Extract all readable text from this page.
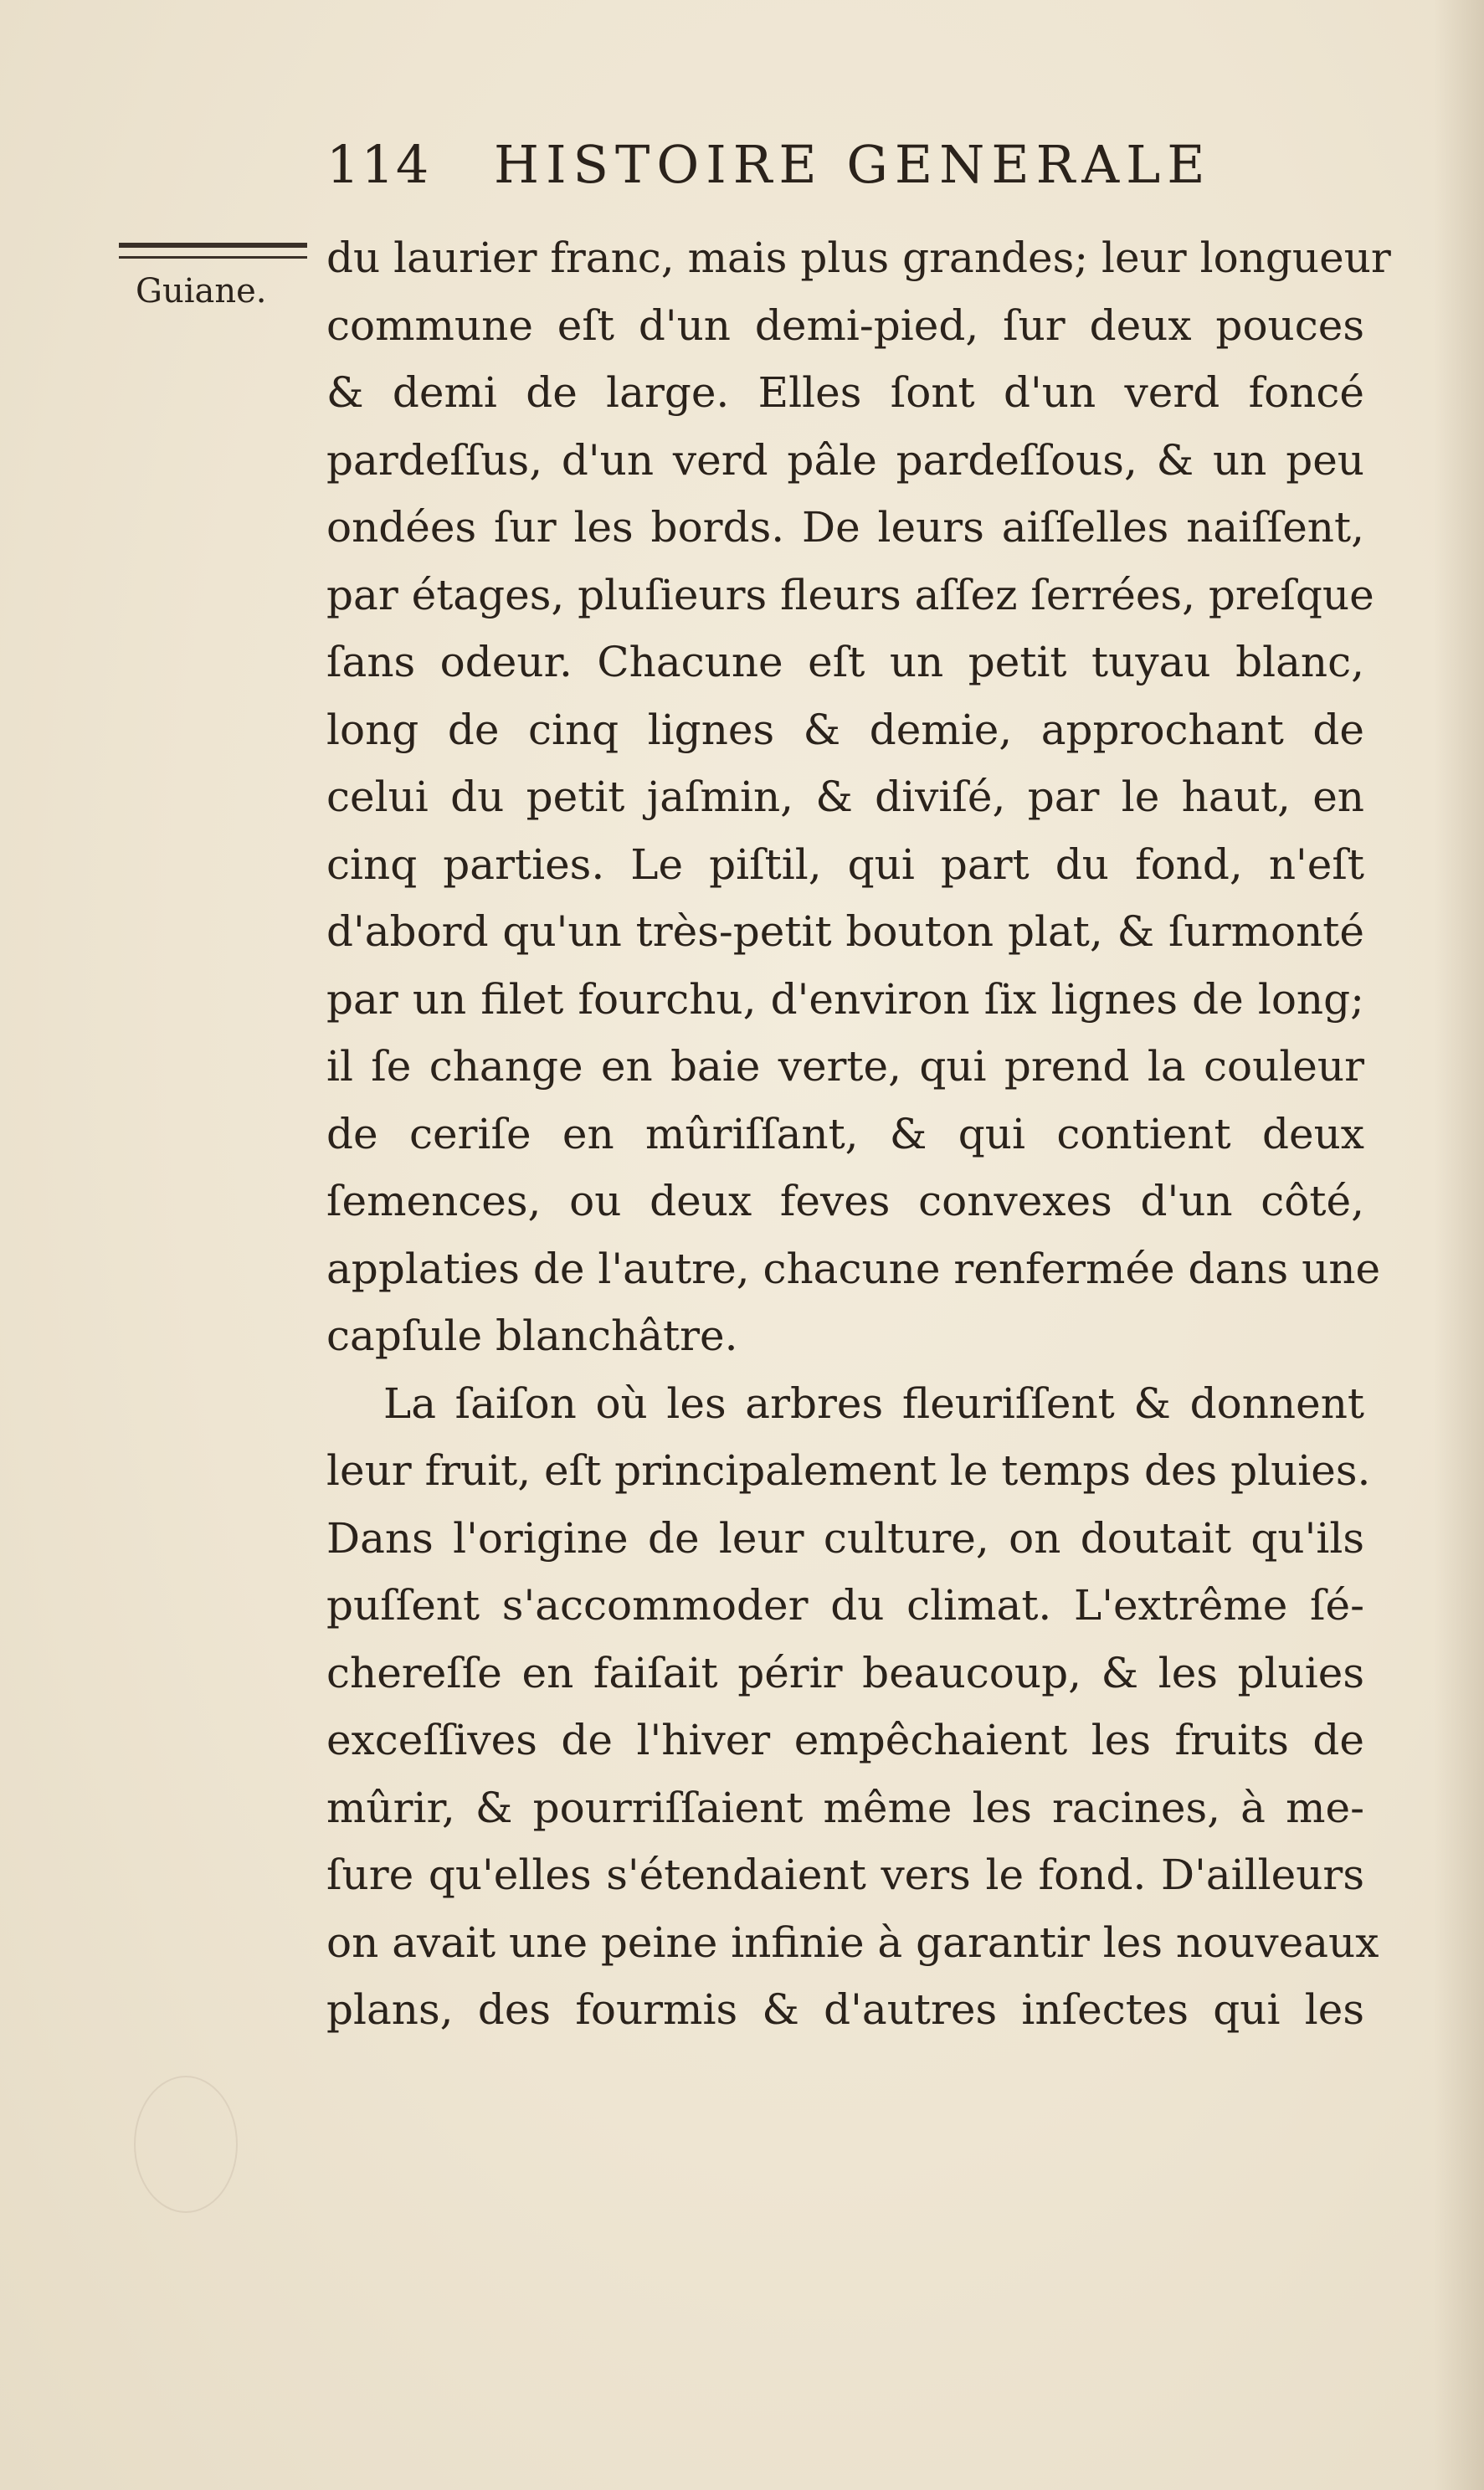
114 HISTOIRE GENERALE
Guiane.
du laurier franc, mais plus grandes; leur longueur
commune eſt d'un demi-pied, ſur deux pouces
& demi de large. Elles ſont d'un verd foncé
pardeſſus, d'un verd pâle pardeſſous, & un peu
ondées ſur les bords. De leurs aiſſelles naiſſent,
par étages, pluſieurs fleurs aſſez ſerrées, preſque
ſans odeur. Chacune eſt un petit tuyau blanc,
long de cinq lignes & demie, approchant de
celui du petit jaſmin, & diviſé, par le haut, en
cinq parties. Le piſtil, qui part du fond, n'eſt
d'abord qu'un très-petit bouton plat, & ſurmonté
par un filet fourchu, d'environ ſix lignes de long;
il ſe change en baie verte, qui prend la couleur
de ceriſe en mûriſſant, & qui contient deux
ſemences, ou deux feves convexes d'un côté,
applaties de l'autre, chacune renfermée dans une
capſule blanchâtre.
La ſaiſon où les arbres fleuriſſent & donnent
leur fruit, eſt principalement le temps des pluies.
Dans l'origine de leur culture, on doutait qu'ils
puſſent s'accommoder du climat. L'extrême ſé-
chereſſe en faiſait périr beaucoup, & les pluies
exceſſives de l'hiver empêchaient les fruits de
mûrir, & pourriſſaient même les racines, à me-
ſure qu'elles s'étendaient vers le fond. D'ailleurs
on avait une peine infinie à garantir les nouveaux
plans, des fourmis & d'autres inſectes qui les
